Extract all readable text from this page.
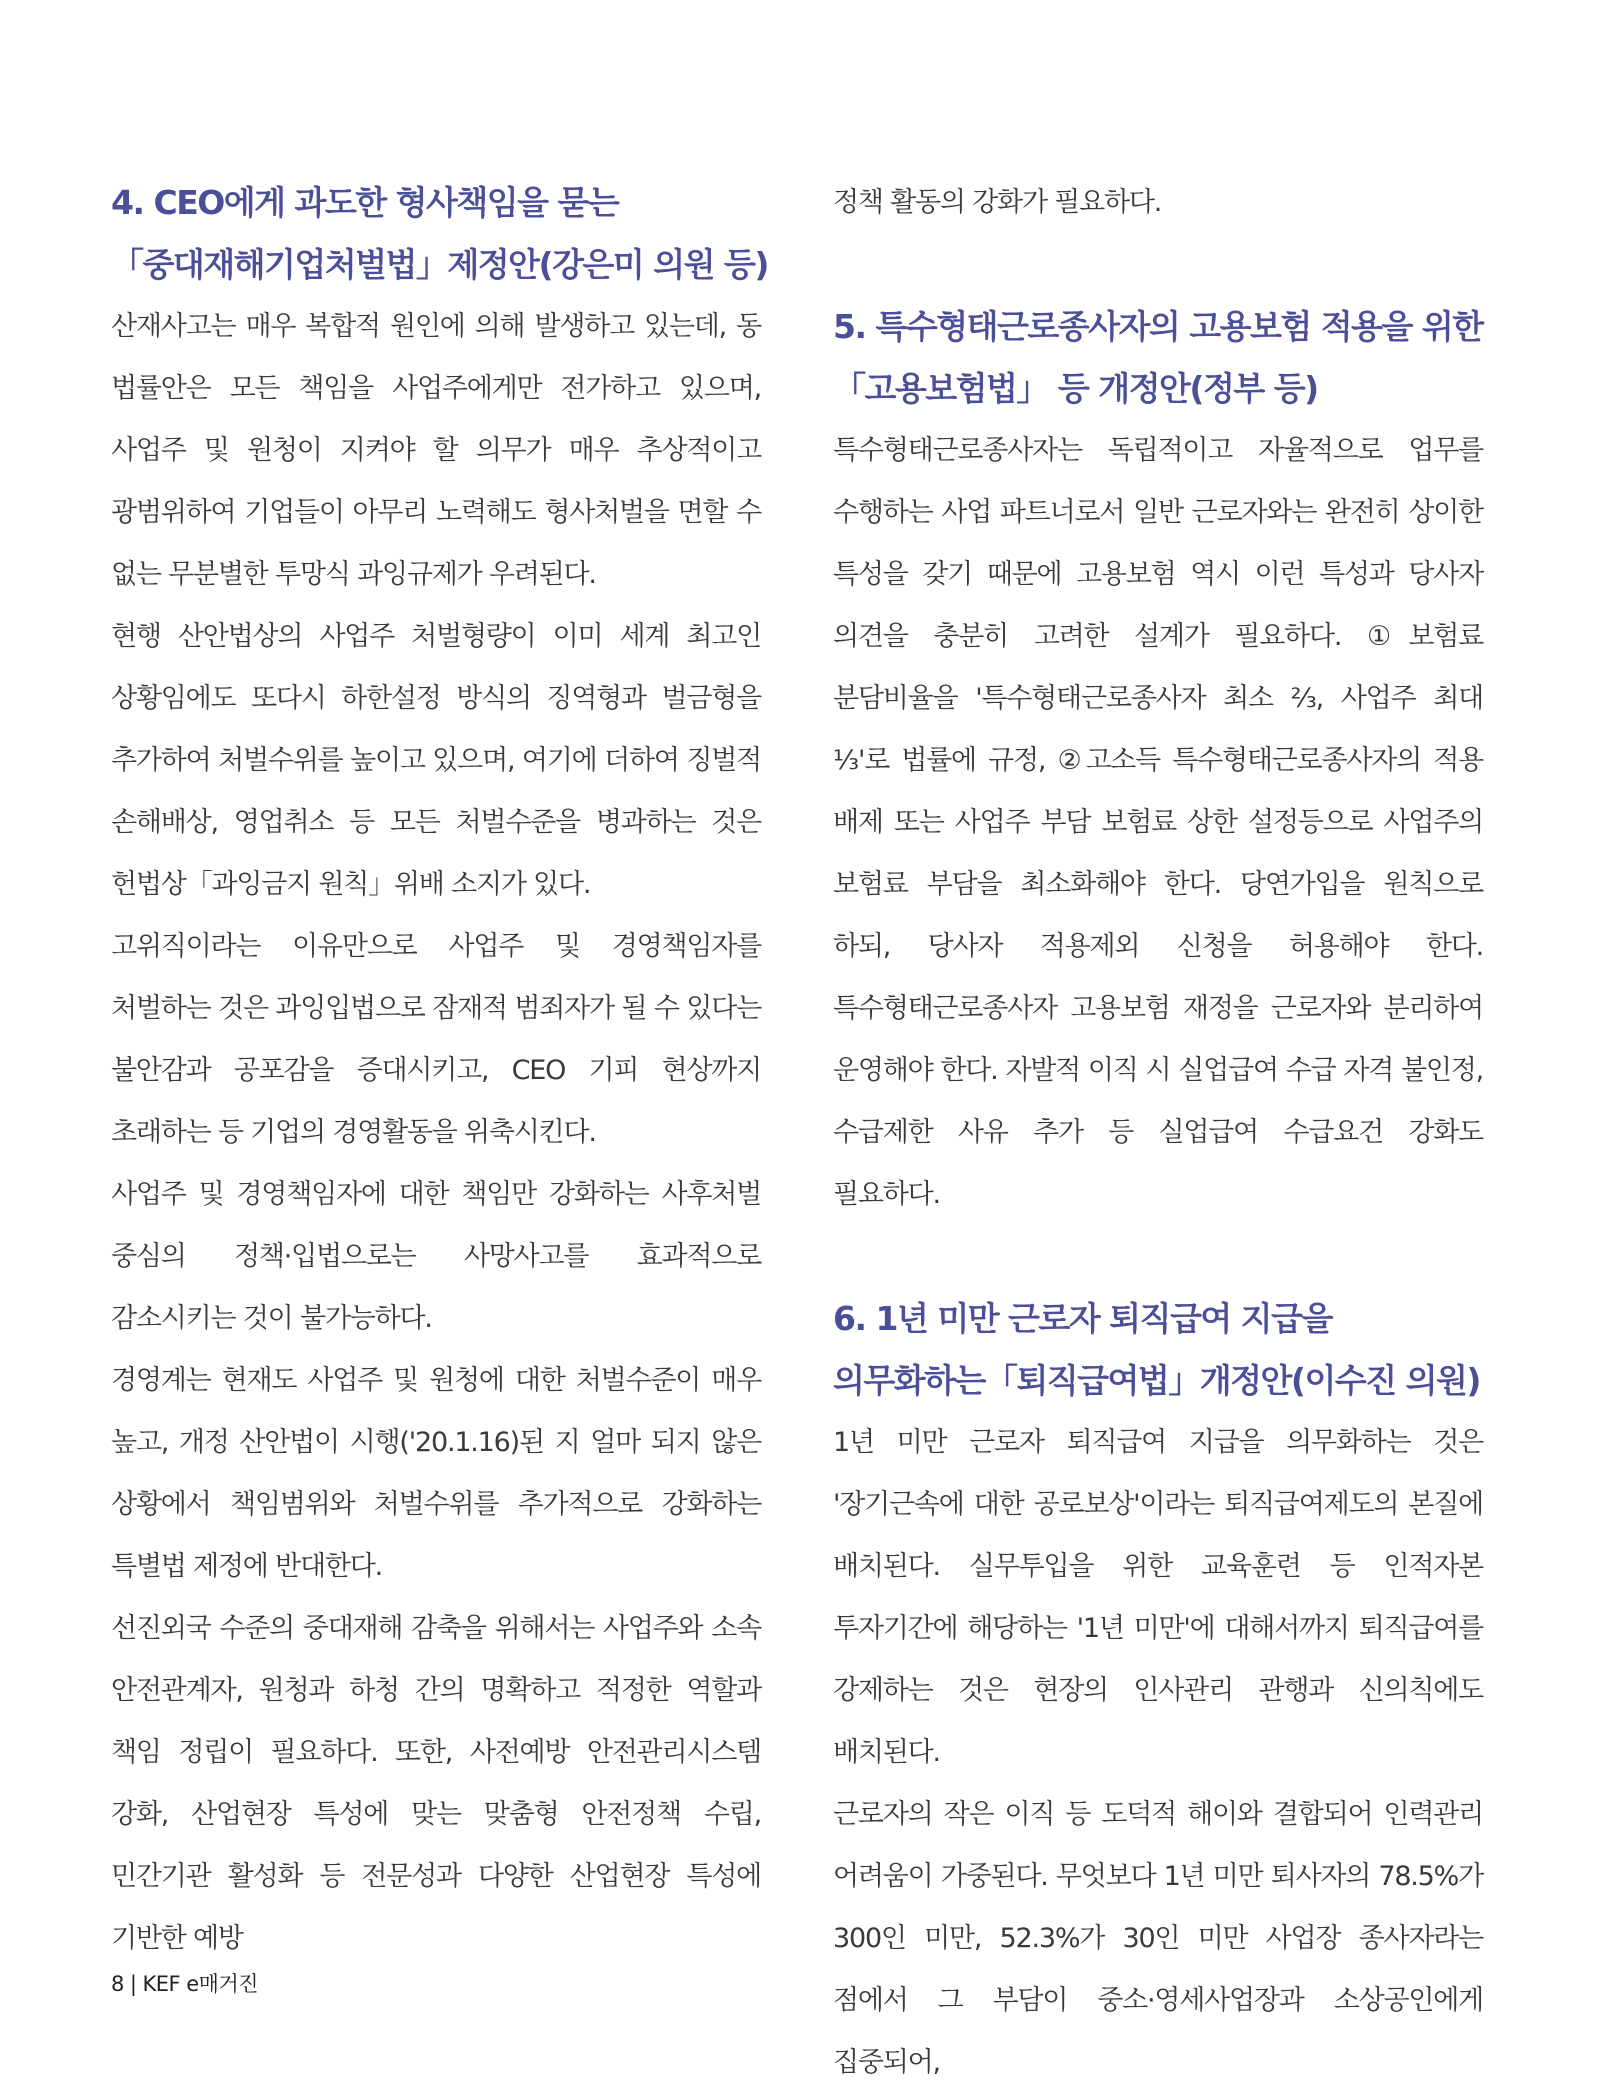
4. CEO에게 과도한 형사책임을 묻는
「중대재해기업처벌법」제정안(강은미 의원 등)

산재사고는 매우 복합적 원인에 의해 발생하고 있는데, 동 법률안은 모든 책임을 사업주에게만 전가하고 있으며, 사업주 및 원청이 지켜야 할 의무가 매우 추상적이고 광범위하여 기업들이 아무리 노력해도 형사처벌을 면할 수 없는 무분별한 투망식 과잉규제가 우려된다.

현행 산안법상의 사업주 처벌형량이 이미 세계 최고인 상황임에도 또다시 하한설정 방식의 징역형과 벌금형을 추가하여 처벌수위를 높이고 있으며, 여기에 더하여 징벌적 손해배상, 영업취소 등 모든 처벌수준을 병과하는 것은 헌법상「과잉금지 원칙」위배 소지가 있다.

고위직이라는 이유만으로 사업주 및 경영책임자를 처벌하는 것은 과잉입법으로 잠재적 범죄자가 될 수 있다는 불안감과 공포감을 증대시키고, CEO 기피 현상까지 초래하는 등 기업의 경영활동을 위축시킨다.

사업주 및 경영책임자에 대한 책임만 강화하는 사후처벌 중심의 정책·입법으로는 사망사고를 효과적으로 감소시키는 것이 불가능하다.

경영계는 현재도 사업주 및 원청에 대한 처벌수준이 매우 높고, 개정 산안법이 시행('20.1.16)된 지 얼마 되지 않은 상황에서 책임범위와 처벌수위를 추가적으로 강화하는 특별법 제정에 반대한다.

선진외국 수준의 중대재해 감축을 위해서는 사업주와 소속 안전관계자, 원청과 하청 간의 명확하고 적정한 역할과 책임 정립이 필요하다. 또한, 사전예방 안전관리시스템 강화, 산업현장 특성에 맞는 맞춤형 안전정책 수립, 민간기관 활성화 등 전문성과 다양한 산업현장 특성에 기반한 예방

정책 활동의 강화가 필요하다.

5. 특수형태근로종사자의 고용보험 적용을 위한
「고용보험법」 등 개정안(정부 등)

특수형태근로종사자는 독립적이고 자율적으로 업무를 수행하는 사업 파트너로서 일반 근로자와는 완전히 상이한 특성을 갖기 때문에 고용보험 역시 이런 특성과 당사자 의견을 충분히 고려한 설계가 필요하다. ①보험료 분담비율을 '특수형태근로종사자 최소 ⅔, 사업주 최대 ⅓'로 법률에 규정, ②고소득 특수형태근로종사자의 적용 배제 또는 사업주 부담 보험료 상한 설정등으로 사업주의 보험료 부담을 최소화해야 한다. 당연가입을 원칙으로 하되, 당사자 적용제외 신청을 허용해야 한다. 특수형태근로종사자 고용보험 재정을 근로자와 분리하여 운영해야 한다. 자발적 이직 시 실업급여 수급 자격 불인정, 수급제한 사유 추가 등 실업급여 수급요건 강화도 필요하다.

6. 1년 미만 근로자 퇴직급여 지급을
의무화하는「퇴직급여법」개정안(이수진 의원)

1년 미만 근로자 퇴직급여 지급을 의무화하는 것은 '장기근속에 대한 공로보상'이라는 퇴직급여제도의 본질에 배치된다. 실무투입을 위한 교육훈련 등 인적자본 투자기간에 해당하는 '1년 미만'에 대해서까지 퇴직급여를 강제하는 것은 현장의 인사관리 관행과 신의칙에도 배치된다.

근로자의 작은 이직 등 도덕적 해이와 결합되어 인력관리 어려움이 가중된다. 무엇보다 1년 미만 퇴사자의 78.5%가 300인 미만, 52.3%가 30인 미만 사업장 종사자라는 점에서 그 부담이 중소·영세사업장과 소상공인에게 집중되어,

8 | KEF e매거진
